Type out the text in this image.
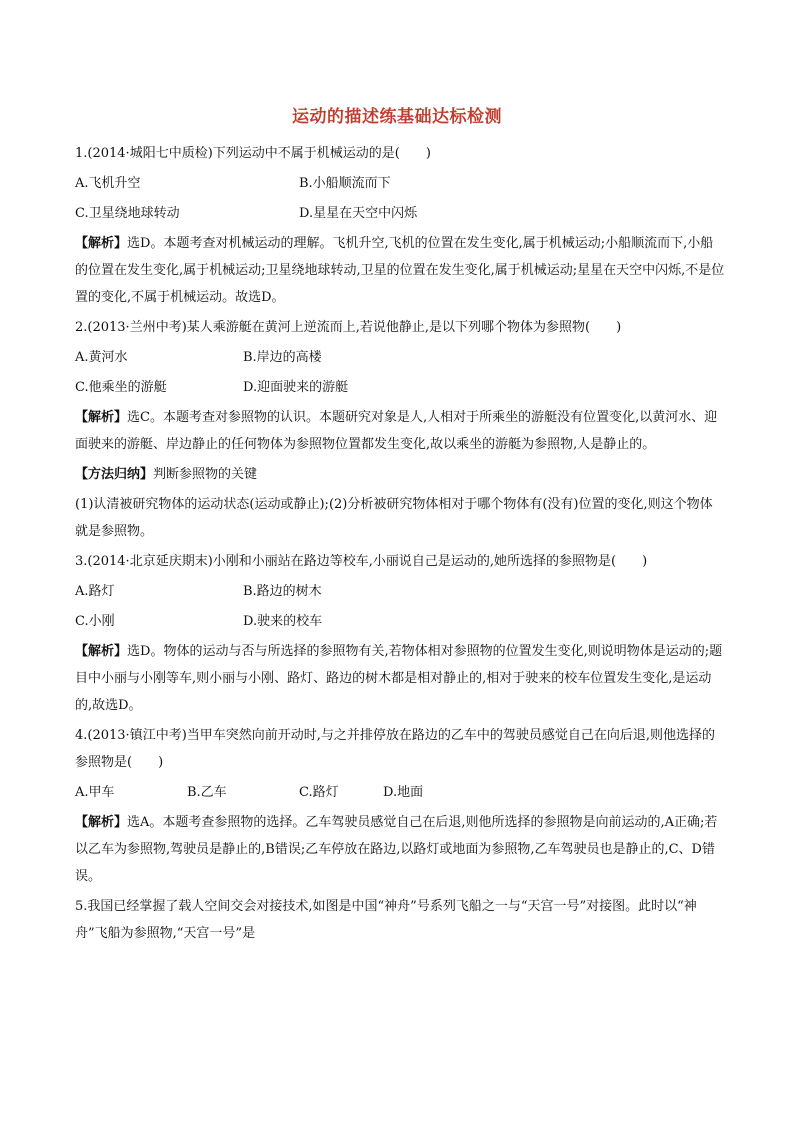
运动的描述练基础达标检测
1.(2014·城阳七中质检)下列运动中不属于机械运动的是(　　)
A.飞机升空	B.小船顺流而下
C.卫星绕地球转动	D.星星在天空中闪烁
【解析】选D。本题考查对机械运动的理解。飞机升空,飞机的位置在发生变化,属于机械运动;小船顺流而下,小船的位置在发生变化,属于机械运动;卫星绕地球转动,卫星的位置在发生变化,属于机械运动;星星在天空中闪烁,不是位置的变化,不属于机械运动。故选D。
2.(2013·兰州中考)某人乘游艇在黄河上逆流而上,若说他静止,是以下列哪个物体为参照物(　　)
A.黄河水	B.岸边的高楼
C.他乘坐的游艇	D.迎面驶来的游艇
【解析】选C。本题考查对参照物的认识。本题研究对象是人,人相对于所乘坐的游艇没有位置变化,以黄河水、迎面驶来的游艇、岸边静止的任何物体为参照物位置都发生变化,故以乘坐的游艇为参照物,人是静止的。
【方法归纳】判断参照物的关键
(1)认清被研究物体的运动状态(运动或静止);(2)分析被研究物体相对于哪个物体有(没有)位置的变化,则这个物体就是参照物。
3.(2014·北京延庆期末)小刚和小丽站在路边等校车,小丽说自己是运动的,她所选择的参照物是(　　)
A.路灯	B.路边的树木
C.小刚	D.驶来的校车
【解析】选D。物体的运动与否与所选择的参照物有关,若物体相对参照物的位置发生变化,则说明物体是运动的;题目中小丽与小刚等车,则小丽与小刚、路灯、路边的树木都是相对静止的,相对于驶来的校车位置发生变化,是运动的,故选D。
4.(2013·镇江中考)当甲车突然向前开动时,与之并排停放在路边的乙车中的驾驶员感觉自己在向后退,则他选择的参照物是(　　)
A.甲车	B.乙车	C.路灯	D.地面
【解析】选A。本题考查参照物的选择。乙车驾驶员感觉自己在后退,则他所选择的参照物是向前运动的,A正确;若以乙车为参照物,驾驶员是静止的,B错误;乙车停放在路边,以路灯或地面为参照物,乙车驾驶员也是静止的,C、D错误。
5.我国已经掌握了载人空间交会对接技术,如图是中国“神舟”号系列飞船之一与“天宫一号”对接图。此时以“神舟”飞船为参照物,“天宫一号”是
